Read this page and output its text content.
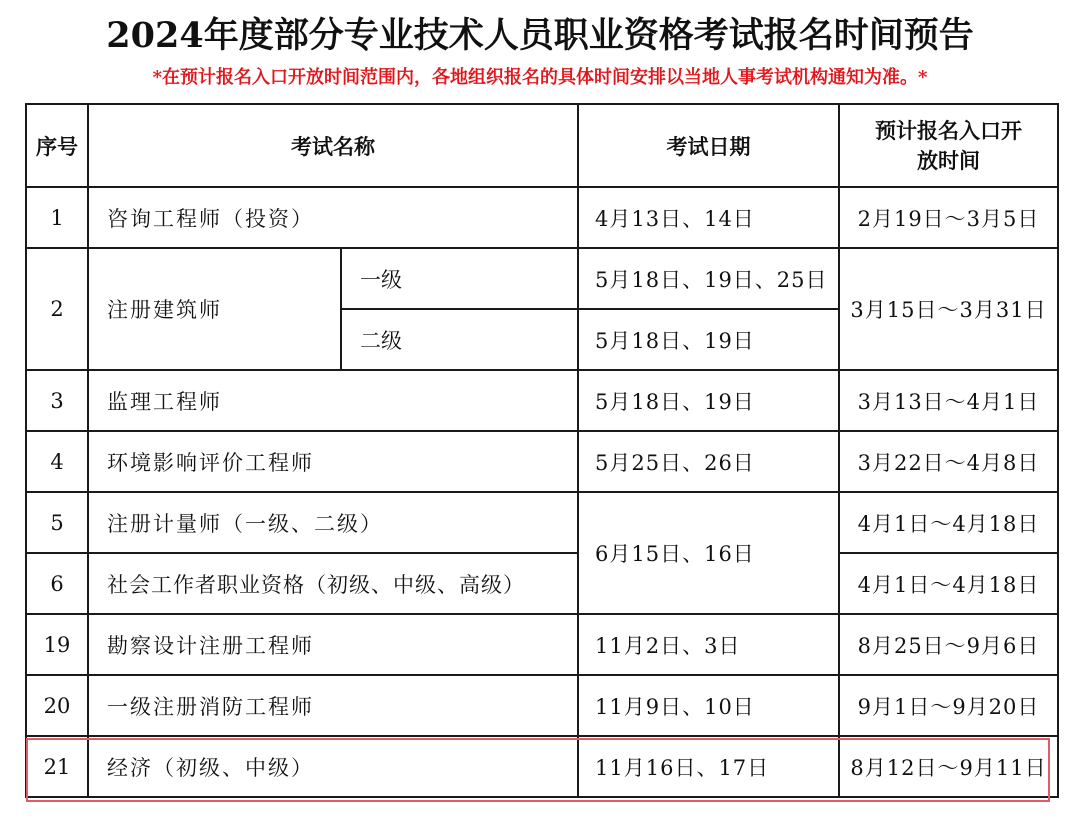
2024年度部分专业技术人员职业资格考试报名时间预告
*在预计报名入口开放时间范围内，各地组织报名的具体时间安排以当地人事考试机构通知为准。*
序号	考试名称		考试日期	预计报名入口开放时间
1	咨询工程师（投资）		4月13日、14日	2月19日～3月5日
2	注册建筑师	一级	5月18日、19日、25日	3月15日～3月31日
		二级	5月18日、19日	
3	监理工程师		5月18日、19日	3月13日～4月1日
4	环境影响评价工程师		5月25日、26日	3月22日～4月8日
5	注册计量师（一级、二级）		6月15日、16日	4月1日～4月18日
6	社会工作者职业资格（初级、中级、高级）			4月1日～4月18日
19	勘察设计注册工程师		11月2日、3日	8月25日～9月6日
20	一级注册消防工程师		11月9日、10日	9月1日～9月20日
21	经济（初级、中级）		11月16日、17日	8月12日～9月11日
